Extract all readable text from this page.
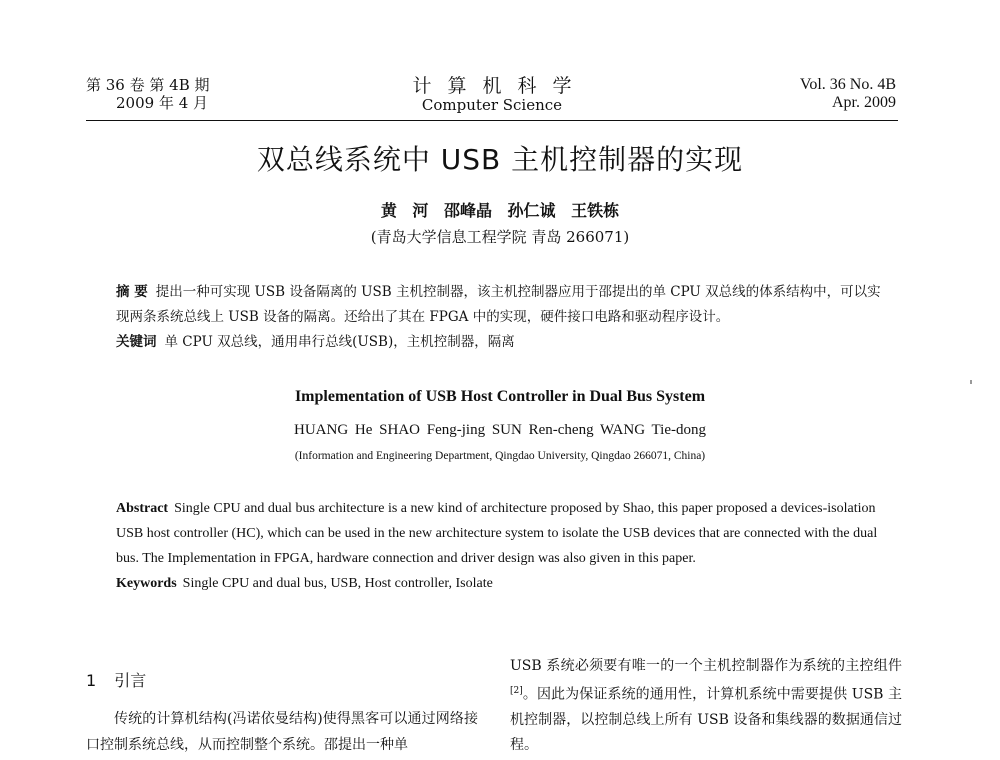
第 36 卷 第 4B 期
2009 年 4 月
计算机科学
Computer Science
Vol. 36 No. 4B
Apr. 2009
双总线系统中 USB 主机控制器的实现
黄 河 邵峰晶 孙仁诚 王铁栋
(青岛大学信息工程学院 青岛 266071)
摘 要 提出一种可实现 USB 设备隔离的 USB 主机控制器，该主机控制器应用于邵提出的单 CPU 双总线的体系结构中，可以实现两条系统总线上 USB 设备的隔离。还给出了其在 FPGA 中的实现，硬件接口电路和驱动程序设计。
关键词 单 CPU 双总线，通用串行总线(USB)，主机控制器，隔离
Implementation of USB Host Controller in Dual Bus System
HUANG He SHAO Feng-jing SUN Ren-cheng WANG Tie-dong
(Information and Engineering Department, Qingdao University, Qingdao 266071, China)
Abstract Single CPU and dual bus architecture is a new kind of architecture proposed by Shao, this paper proposed a devices-isolation USB host controller (HC), which can be used in the new architecture system to isolate the USB devices that are connected with the dual bus. The Implementation in FPGA, hardware connection and driver design was also given in this paper.
Keywords Single CPU and dual bus, USB, Host controller, Isolate
1 引言
传统的计算机结构(冯诺依曼结构)使得黑客可以通过网络接口控制系统总线，从而控制整个系统。邵提出一种单
USB 系统必须要有唯一的一个主机控制器作为系统的主控组件[2]。因此为保证系统的通用性，计算机系统中需要提供 USB 主机控制器，以控制总线上所有 USB 设备和集线器的数据通信过程。
